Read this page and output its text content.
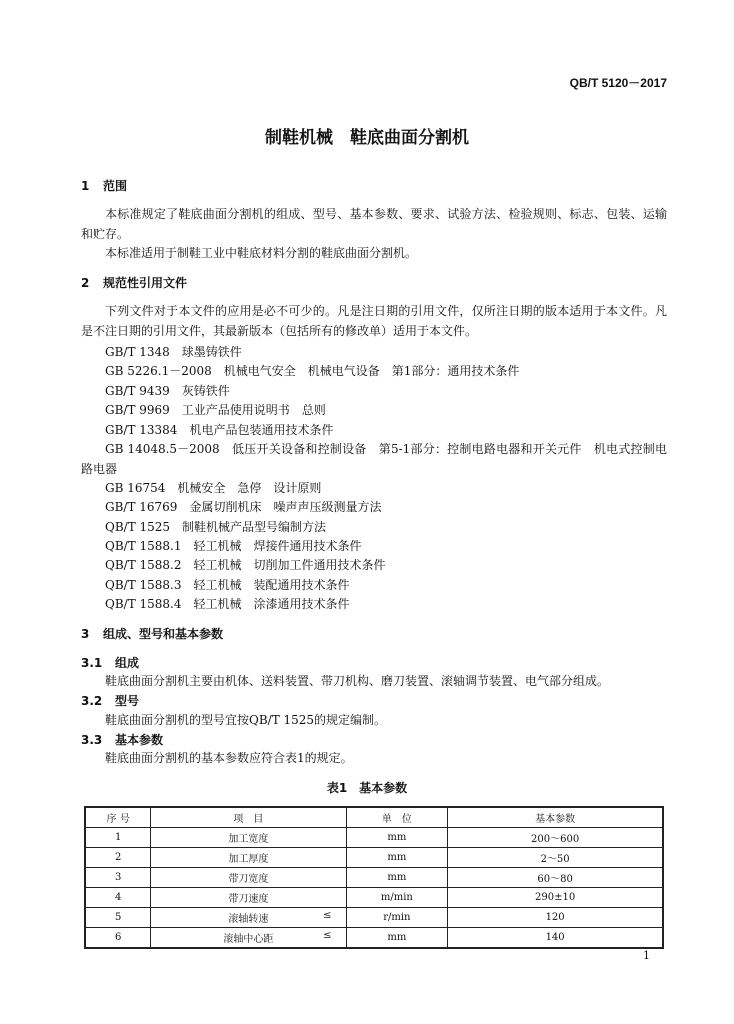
QB/T 5120－2017
制鞋机械　鞋底曲面分割机
1 范围
本标准规定了鞋底曲面分割机的组成、型号、基本参数、要求、试验方法、检验规则、标志、包装、运输和贮存。
本标准适用于制鞋工业中鞋底材料分割的鞋底曲面分割机。
2 规范性引用文件
下列文件对于本文件的应用是必不可少的。凡是注日期的引用文件，仅所注日期的版本适用于本文件。凡是不注日期的引用文件，其最新版本（包括所有的修改单）适用于本文件。
GB/T 1348　球墨铸铁件
GB 5226.1－2008　机械电气安全　机械电气设备　第1部分：通用技术条件
GB/T 9439　灰铸铁件
GB/T 9969　工业产品使用说明书　总则
GB/T 13384　机电产品包装通用技术条件
GB 14048.5－2008　低压开关设备和控制设备　第5-1部分：控制电路电器和开关元件　机电式控制电路电器
GB 16754　机械安全　急停　设计原则
GB/T 16769　金属切削机床　噪声声压级测量方法
QB/T 1525　制鞋机械产品型号编制方法
QB/T 1588.1　轻工机械　焊接件通用技术条件
QB/T 1588.2　轻工机械　切削加工件通用技术条件
QB/T 1588.3　轻工机械　装配通用技术条件
QB/T 1588.4　轻工机械　涂漆通用技术条件
3 组成、型号和基本参数
3.1 组成
鞋底曲面分割机主要由机体、送料装置、带刀机构、磨刀装置、滚轴调节装置、电气部分组成。
3.2 型号
鞋底曲面分割机的型号宜按QB/T 1525的规定编制。
3.3 基本参数
鞋底曲面分割机的基本参数应符合表1的规定。
表1　基本参数
序 号	项　目	单　位	基本参数
1	加工宽度	mm	200～600
2	加工厚度	mm	2～50
3	带刀宽度	mm	60～80
4	带刀速度	m/min	290±10
5	滚轴转速 ≤	r/min	120
6	滚轴中心距 ≤	mm	140
1
